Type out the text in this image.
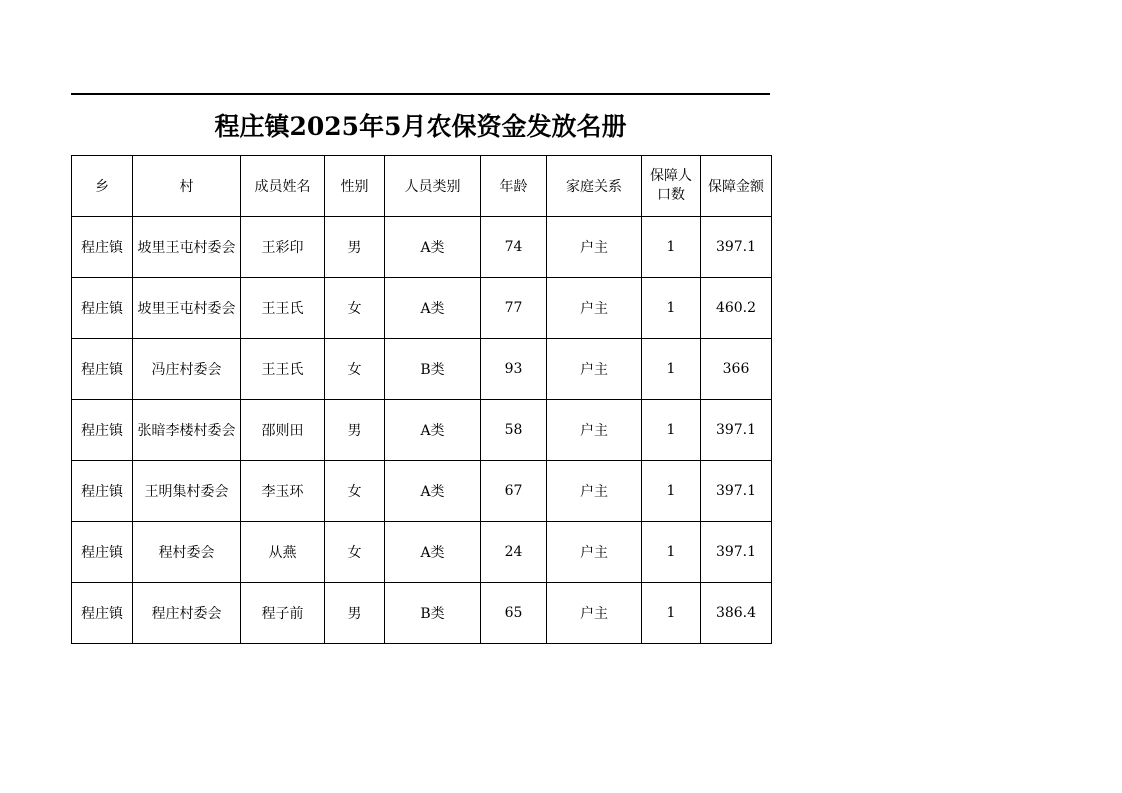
程庄镇2025年5月农保资金发放名册
乡	村	成员姓名	性别	人员类别	年龄	家庭关系	保障人口数	保障金额
程庄镇	坡里王屯村委会	王彩印	男	A类	74	户主	1	397.1
程庄镇	坡里王屯村委会	王王氏	女	A类	77	户主	1	460.2
程庄镇	冯庄村委会	王王氏	女	B类	93	户主	1	366
程庄镇	张暗李楼村委会	邵则田	男	A类	58	户主	1	397.1
程庄镇	王明集村委会	李玉环	女	A类	67	户主	1	397.1
程庄镇	程村委会	从燕	女	A类	24	户主	1	397.1
程庄镇	程庄村委会	程子前	男	B类	65	户主	1	386.4
